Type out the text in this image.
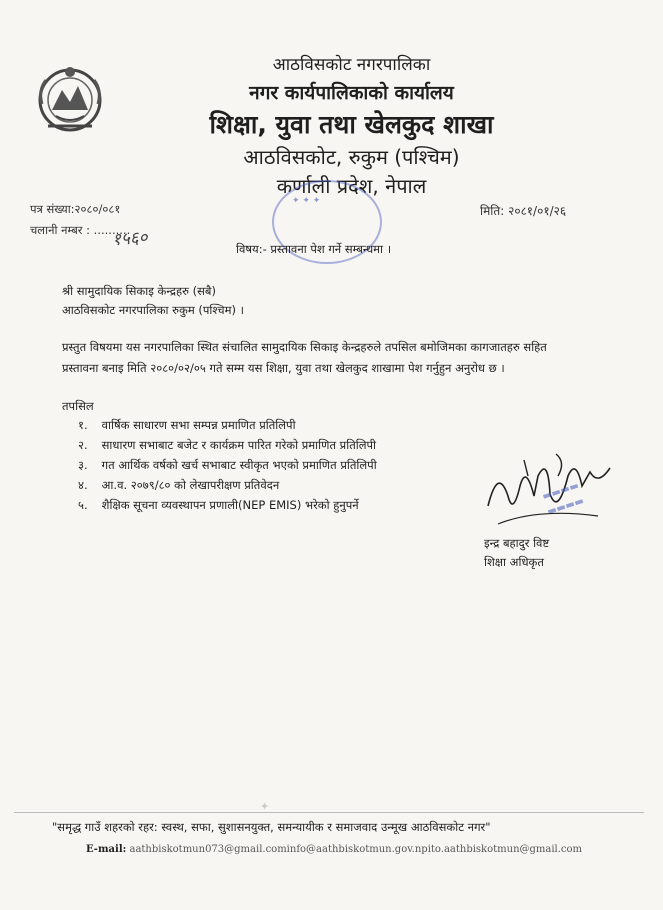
आठविसकोट नगरपालिका
नगर कार्यपालिकाको कार्यालय
शिक्षा, युवा तथा खेलकुद शाखा
आठविसकोट, रुकुम (पश्चिम)
कर्णाली प्रदेश, नेपाल
✦ ✦ ✦
पत्र संख्या:२०८०/०८१
चलानी नम्बर : ..........
१५६०
मिति: २०८१/०१/२६
विषय:- प्रस्तावना पेश गर्ने सम्बन्धमा ।
श्री सामुदायिक सिकाइ केन्द्रहरु (सबै)
आठविसकोट नगरपालिका रुकुम (पश्चिम) ।
प्रस्तुत विषयमा यस नगरपालिका स्थित संचालित सामुदायिक सिकाइ केन्द्रहरुले तपसिल बमोजिमका कागजातहरु सहित
प्रस्तावना बनाइ मिति २०८०/०२/०५ गते सम्म यस शिक्षा, युवा तथा खेलकुद शाखामा पेश गर्नुहुन अनुरोध छ ।
तपसिल
१. वार्षिक साधारण सभा सम्पन्न प्रमाणित प्रतिलिपी
२. साधारण सभाबाट बजेट र कार्यक्रम पारित गरेको प्रमाणित प्रतिलिपी
३. गत आर्थिक वर्षको खर्च सभाबाट स्वीकृत भएको प्रमाणित प्रतिलिपी
४. आ.व. २०७९/८० को लेखापरीक्षण प्रतिवेदन
५. शैक्षिक सूचना व्यवस्थापन प्रणाली(NEP EMIS) भरेको हुनुपर्ने
▬▬▬▬
▬▬▬▬
इन्द्र बहादुर विष्ट
शिक्षा अधिकृत
✦
"समृद्ध गाउँ शहरको रहर: स्वस्थ, सफा, सुशासनयुक्त, समन्यायीक र समाजवाद उन्मूख आठविसकोट नगर"
E-mail: aathbiskotmun073@gmail.cominfo@aathbiskotmun.gov.npito.aathbiskotmun@gmail.com
